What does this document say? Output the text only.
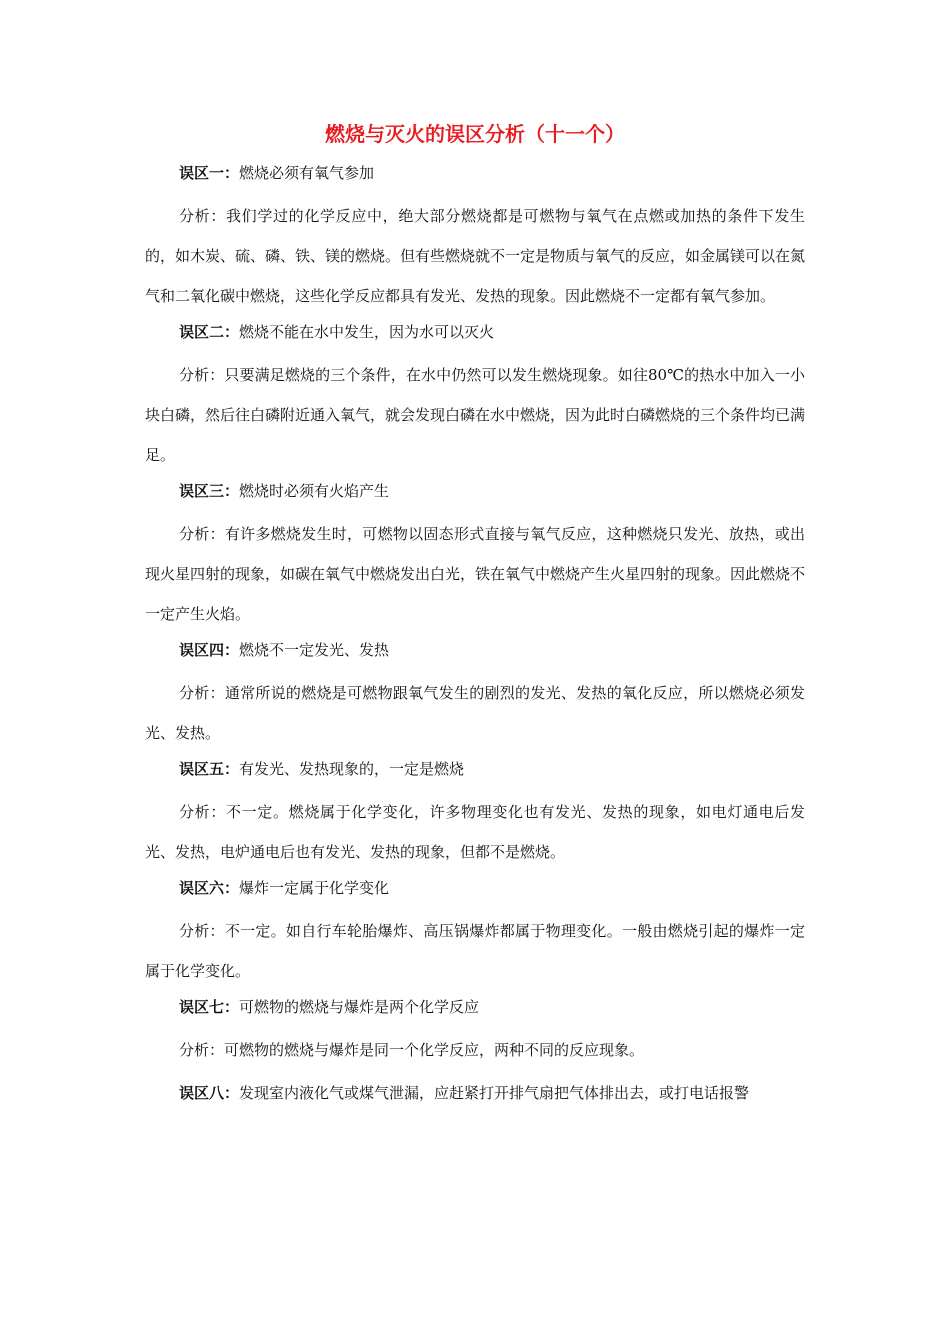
燃烧与灭火的误区分析（十一个）

误区一：燃烧必须有氧气参加

分析：我们学过的化学反应中，绝大部分燃烧都是可燃物与氧气在点燃或加热的条件下发生的，如木炭、硫、磷、铁、镁的燃烧。但有些燃烧就不一定是物质与氧气的反应，如金属镁可以在氮气和二氧化碳中燃烧，这些化学反应都具有发光、发热的现象。因此燃烧不一定都有氧气参加。

误区二：燃烧不能在水中发生，因为水可以灭火

分析：只要满足燃烧的三个条件，在水中仍然可以发生燃烧现象。如往80℃的热水中加入一小块白磷，然后往白磷附近通入氧气，就会发现白磷在水中燃烧，因为此时白磷燃烧的三个条件均已满足。

误区三：燃烧时必须有火焰产生

分析：有许多燃烧发生时，可燃物以固态形式直接与氧气反应，这种燃烧只发光、放热，或出现火星四射的现象，如碳在氧气中燃烧发出白光，铁在氧气中燃烧产生火星四射的现象。因此燃烧不一定产生火焰。

误区四：燃烧不一定发光、发热

分析：通常所说的燃烧是可燃物跟氧气发生的剧烈的发光、发热的氧化反应，所以燃烧必须发光、发热。

误区五：有发光、发热现象的，一定是燃烧

分析：不一定。燃烧属于化学变化，许多物理变化也有发光、发热的现象，如电灯通电后发光、发热，电炉通电后也有发光、发热的现象，但都不是燃烧。

误区六：爆炸一定属于化学变化

分析：不一定。如自行车轮胎爆炸、高压锅爆炸都属于物理变化。一般由燃烧引起的爆炸一定属于化学变化。

误区七：可燃物的燃烧与爆炸是两个化学反应

分析：可燃物的燃烧与爆炸是同一个化学反应，两种不同的反应现象。

误区八：发现室内液化气或煤气泄漏，应赶紧打开排气扇把气体排出去，或打电话报警
